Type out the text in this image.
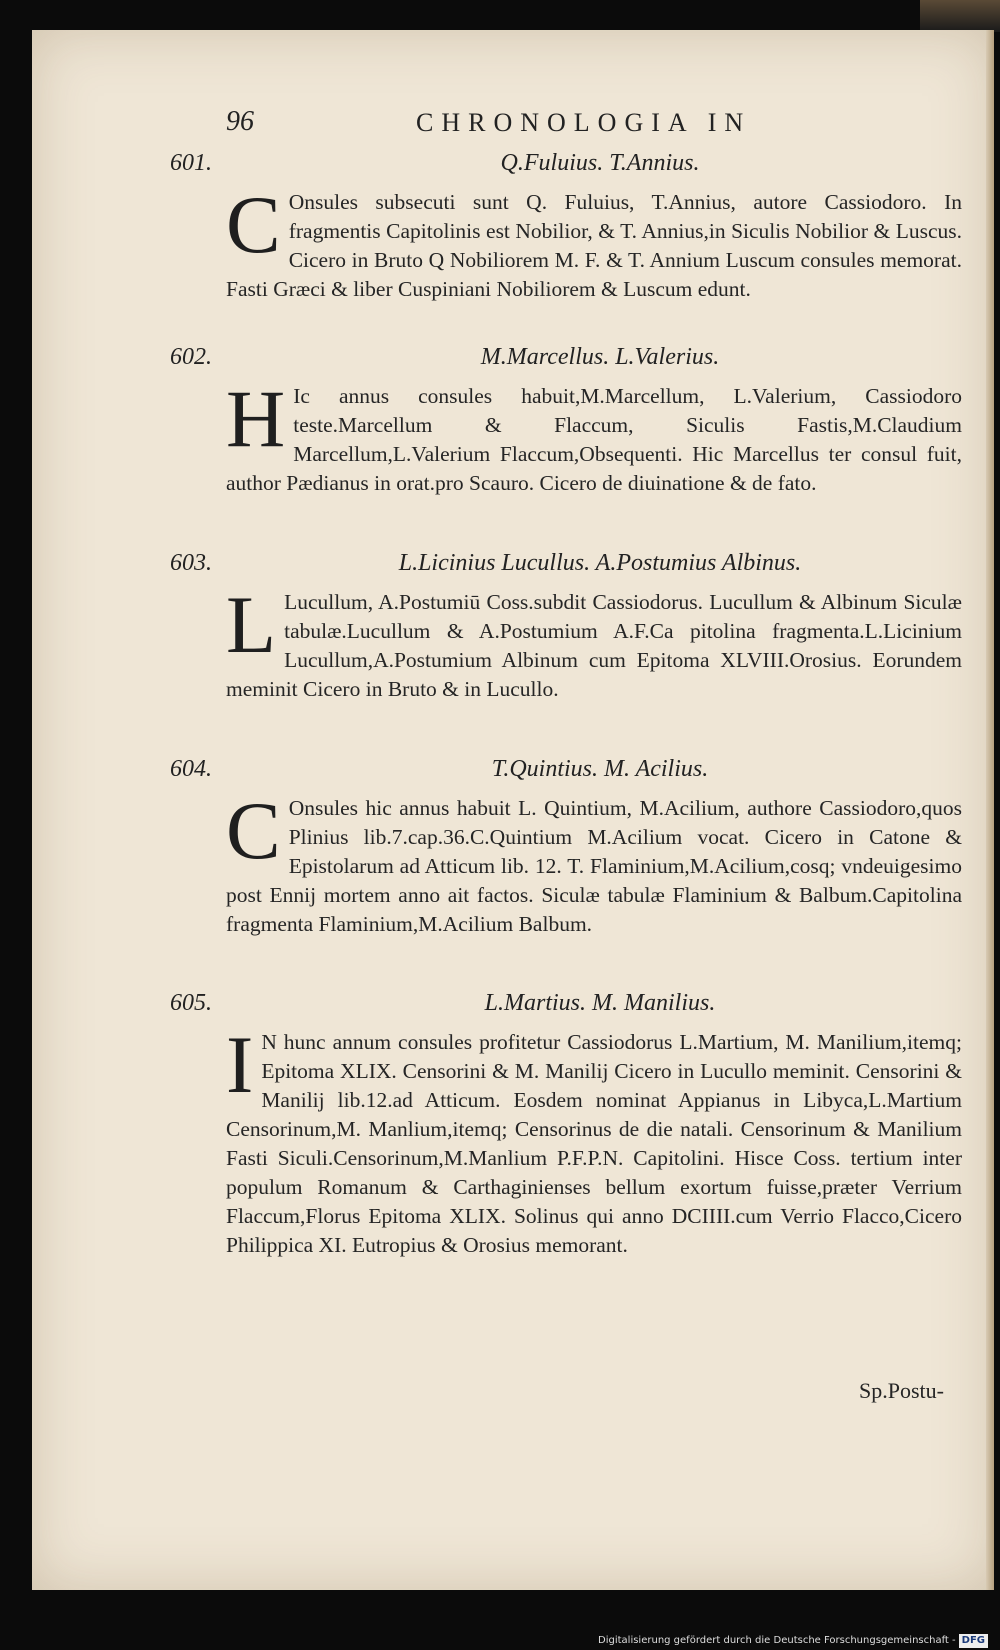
96	CHRONOLOGIA IN
601.	Q.Fuluius. T.Annius.
C Onsules subsecuti sunt Q. Fuluius, T.Annius, autore Cassiodoro. In fragmentis Capitolinis est Nobilior, & T. Annius,in Siculis Nobilior & Luscus. Cicero in Bruto Q Nobiliorem M. F. & T. Annium Luscum consules memorat. Fasti Græci & liber Cuspiniani Nobiliorem & Luscum edunt.
602.	M.Marcellus. L.Valerius.
H Ic annus consules habuit,M.Marcellum, L.Valerium, Cassiodoro teste.Marcellum & Flaccum, Siculis Fastis,M.Claudium Marcellum,L.Valerium Flaccum,Obsequenti. Hic Marcellus ter consul fuit, author Pædianus in orat.pro Scauro. Cicero de diuinatione & de fato.
603.	L.Licinius Lucullus. A.Postumius Albinus.
L Lucullum, A.Postumiū Coss.subdit Cassiodorus. Lucullum & Albinum Siculæ tabulæ.Lucullum & A.Postumium A.F.Ca pitolina fragmenta.L.Licinium Lucullum,A.Postumium Albinum cum Epitoma XLVIII.Orosius. Eorundem meminit Cicero in Bruto & in Lucullo.
604.	T.Quintius. M. Acilius.
C Onsules hic annus habuit L. Quintium, M.Acilium, authore Cassiodoro,quos Plinius lib.7.cap.36.C.Quintium M.Acilium vocat. Cicero in Catone & Epistolarum ad Atticum lib. 12. T. Flaminium,M.Acilium,cosq; vndeuigesimo post Ennij mortem anno ait factos. Siculæ tabulæ Flaminium & Balbum.Capitolina fragmenta Flaminium,M.Acilium Balbum.
605.	L.Martius. M. Manilius.
I N hunc annum consules profitetur Cassiodorus L.Martium, M. Manilium,itemq; Epitoma XLIX. Censorini & M. Manilij Cicero in Lucullo meminit. Censorini & Manilij lib.12.ad Atticum. Eosdem nominat Appianus in Libyca,L.Martium Censorinum,M. Manlium,itemq; Censorinus de die natali. Censorinum & Manilium Fasti Siculi.Censorinum,M.Manlium P.F.P.N. Capitolini. Hisce Coss. tertium inter populum Romanum & Carthaginienses bellum exortum fuisse,præter Verrium Flaccum,Florus Epitoma XLIX. Solinus qui anno DCIIII.cum Verrio Flacco,Cicero Philippica XI. Eutropius & Orosius memorant.
Sp.Postu-
Digitalisierung gefördert durch die Deutsche Forschungsgemeinschaft - DFG
